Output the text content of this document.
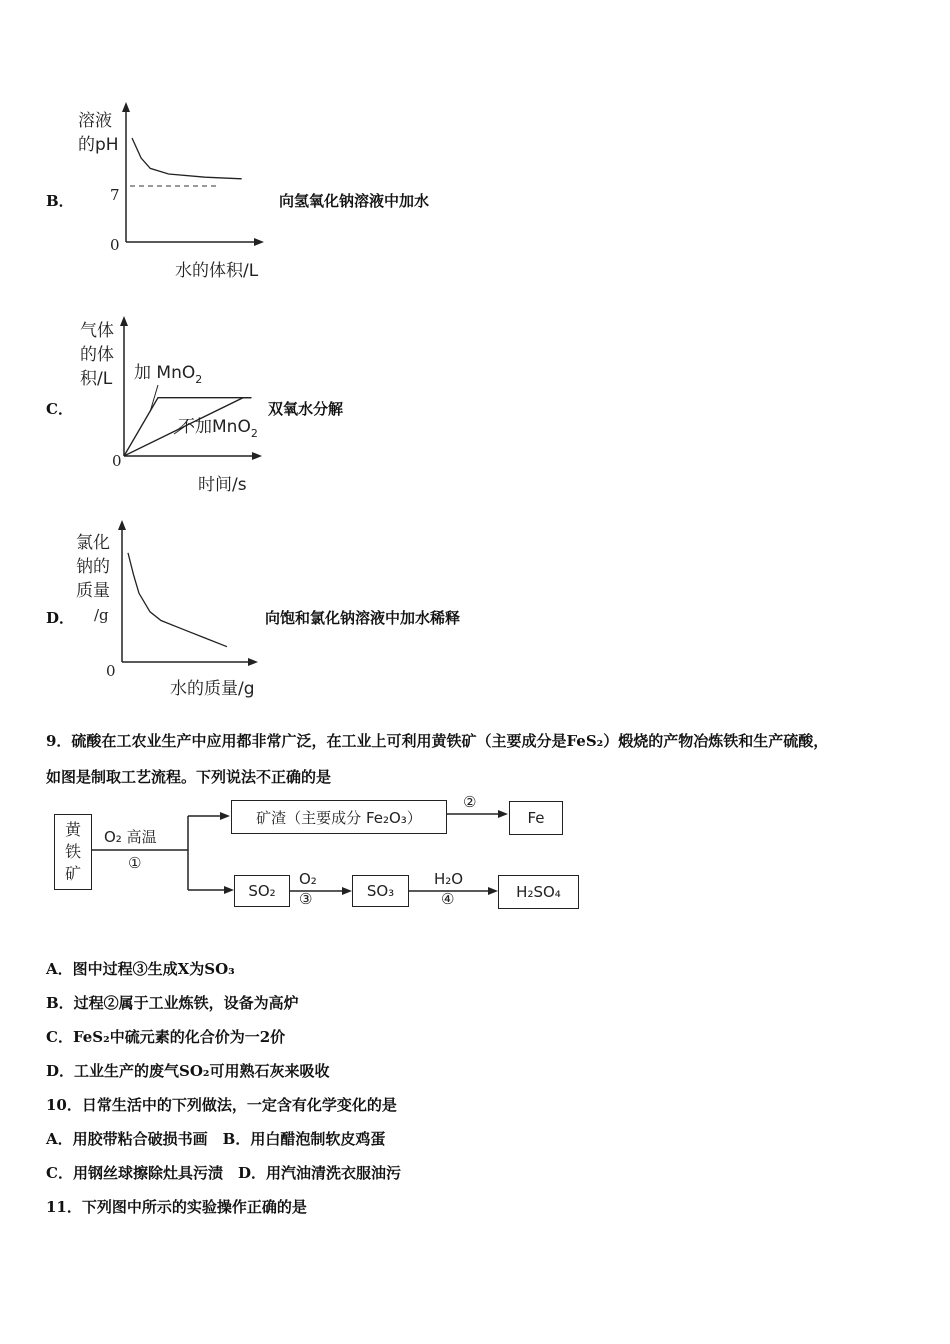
B．
溶液
的pH
7
0
水的体积/L
向氢氧化钠溶液中加水
C．
气体
的体
积/L
0
加 MnO$_2$
不加MnO$_2$
时间/s
双氧水分解
D．
氯化
钠的
质量
/g
0
水的质量/g
向饱和氯化钠溶液中加水稀释
9．硫酸在工农业生产中应用都非常广泛，在工业上可利用黄铁矿（主要成分是FeS₂）煅烧的产物冶炼铁和生产硫酸，
如图是制取工艺流程。下列说法不正确的是
黄
铁
矿
O₂ 高温
①
矿渣（主要成分 Fe₂O₃）
②
Fe
SO₂
O₂
③	SO₃
H₂O
④	H₂SO₄
A．图中过程③生成X为SO₃
B．过程②属于工业炼铁，设备为高炉
C．FeS₂中硫元素的化合价为一2价
D．工业生产的废气SO₂可用熟石灰来吸收
10．日常生活中的下列做法，一定含有化学变化的是
A．用胶带粘合破损书画　B．用白醋泡制软皮鸡蛋
C．用钢丝球擦除灶具污渍　D．用汽油清洗衣服油污
11．下列图中所示的实验操作正确的是
